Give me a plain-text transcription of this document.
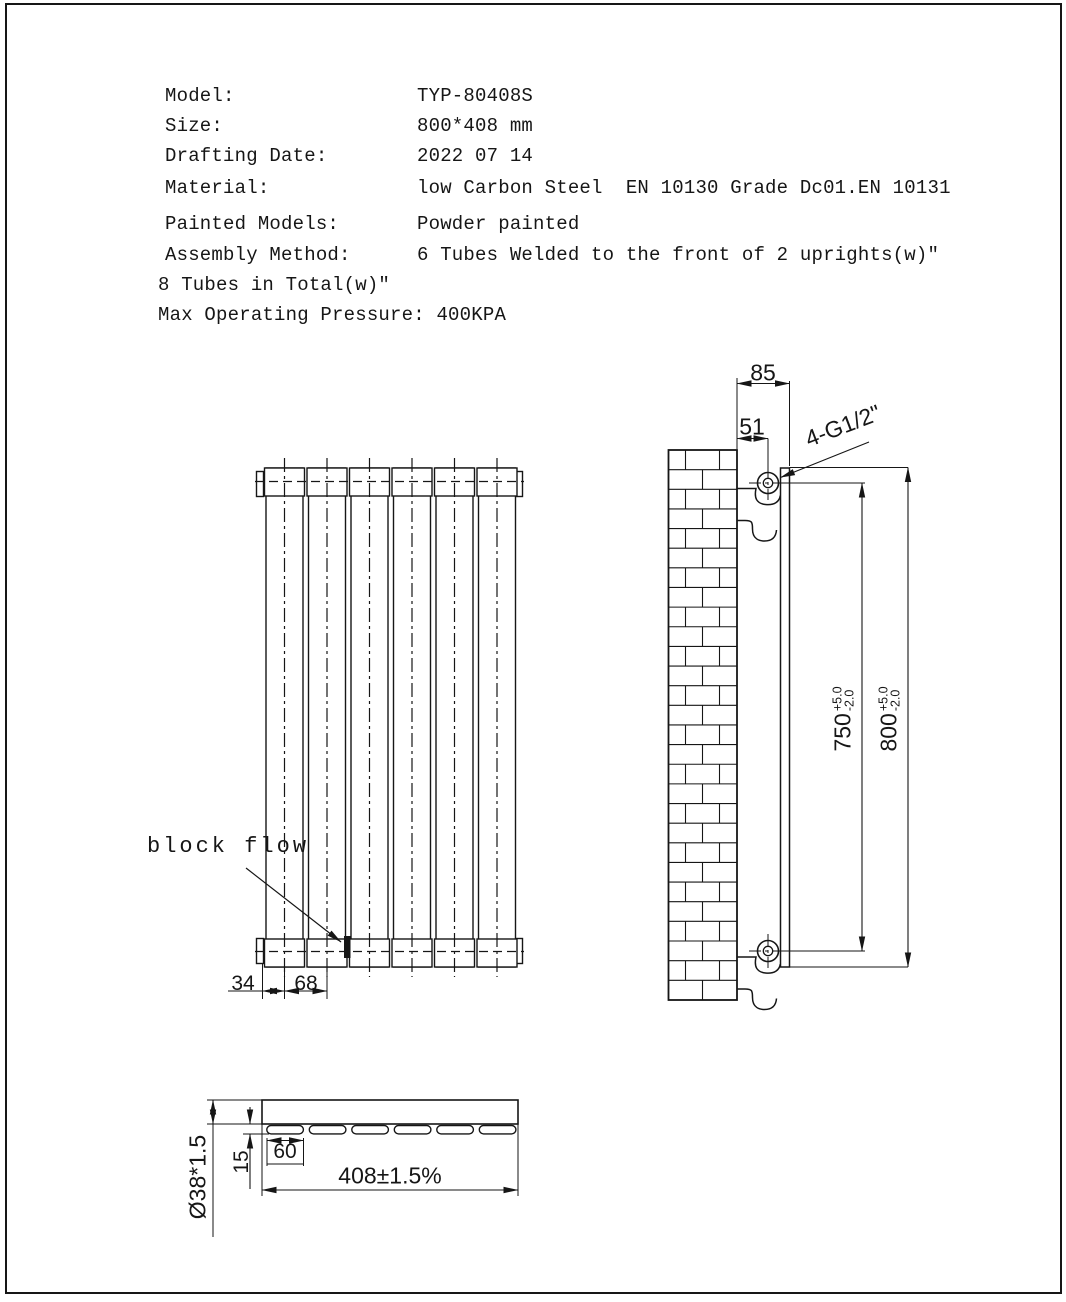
Model:	TYP-80408S
Size:	800*408 mm
Drafting Date:	2022 07 14
Material:	low Carbon Steel  EN 10130 Grade Dc01.EN 10131
Painted Models:	Powder painted
Assembly Method:	6 Tubes Welded to the front of 2 uprights(w)"
8 Tubes in Total(w)"
Max Operating Pressure: 400KPA
block flow
34 68
85
51 4-G1/2"
750
+5.0
-2.0
800
+5.0
-2.0
Ø38*1.5 15 60
408±1.5%
